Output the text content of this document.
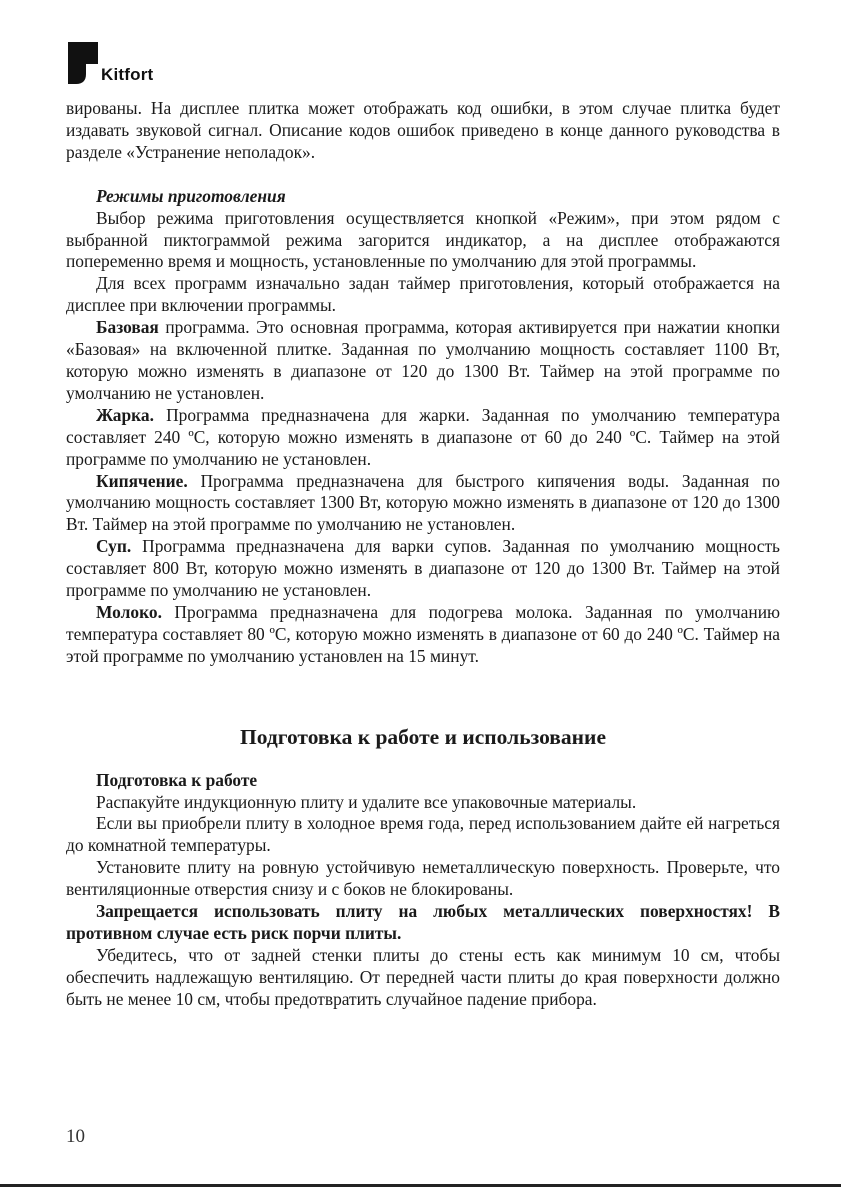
Kitfort

вированы. На дисплее плитка может отображать код ошибки, в этом случае плитка будет издавать звуковой сигнал. Описание кодов ошибок приведено в конце данного руководства в разделе «Устранение неполадок».

Режимы приготовления

Выбор режима приготовления осуществляется кнопкой «Режим», при этом рядом с выбранной пиктограммой режима загорится индикатор, а на дисплее отображаются попеременно время и мощность, установленные по умолчанию для этой программы.

Для всех программ изначально задан таймер приготовления, который отображается на дисплее при включении программы.

Базовая программа. Это основная программа, которая активируется при нажатии кнопки «Базовая» на включенной плитке. Заданная по умолчанию мощность составляет 1100 Вт, которую можно изменять в диапазоне от 120 до 1300 Вт. Таймер на этой программе по умолчанию не установлен.

Жарка. Программа предназначена для жарки. Заданная по умолчанию температура составляет 240 ºС, которую можно изменять в диапазоне от 60 до 240 ºС. Таймер на этой программе по умолчанию не установлен.

Кипячение. Программа предназначена для быстрого кипячения воды. Заданная по умолчанию мощность составляет 1300 Вт, которую можно изменять в диапазоне от 120 до 1300 Вт. Таймер на этой программе по умолчанию не установлен.

Суп. Программа предназначена для варки супов. Заданная по умолчанию мощность составляет 800 Вт, которую можно изменять в диапазоне от 120 до 1300 Вт. Таймер на этой программе по умолчанию не установлен.

Молоко. Программа предназначена для подогрева молока. Заданная по умолчанию температура составляет 80 ºС, которую можно изменять в диапазоне от 60 до 240 ºС. Таймер на этой программе по умолчанию установлен на 15 минут.

Подготовка к работе и использование

Подготовка к работе

Распакуйте индукционную плиту и удалите все упаковочные материалы.

Если вы приобрели плиту в холодное время года, перед использованием дайте ей нагреться до комнатной температуры.

Установите плиту на ровную устойчивую неметаллическую поверхность. Проверьте, что вентиляционные отверстия снизу и с боков не блокированы.

Запрещается использовать плиту на любых металлических поверхностях! В противном случае есть риск порчи плиты.

Убедитесь, что от задней стенки плиты до стены есть как минимум 10 см, чтобы обеспечить надлежащую вентиляцию. От передней части плиты до края поверхности должно быть не менее 10 см, чтобы предотвратить случайное падение прибора.

10
